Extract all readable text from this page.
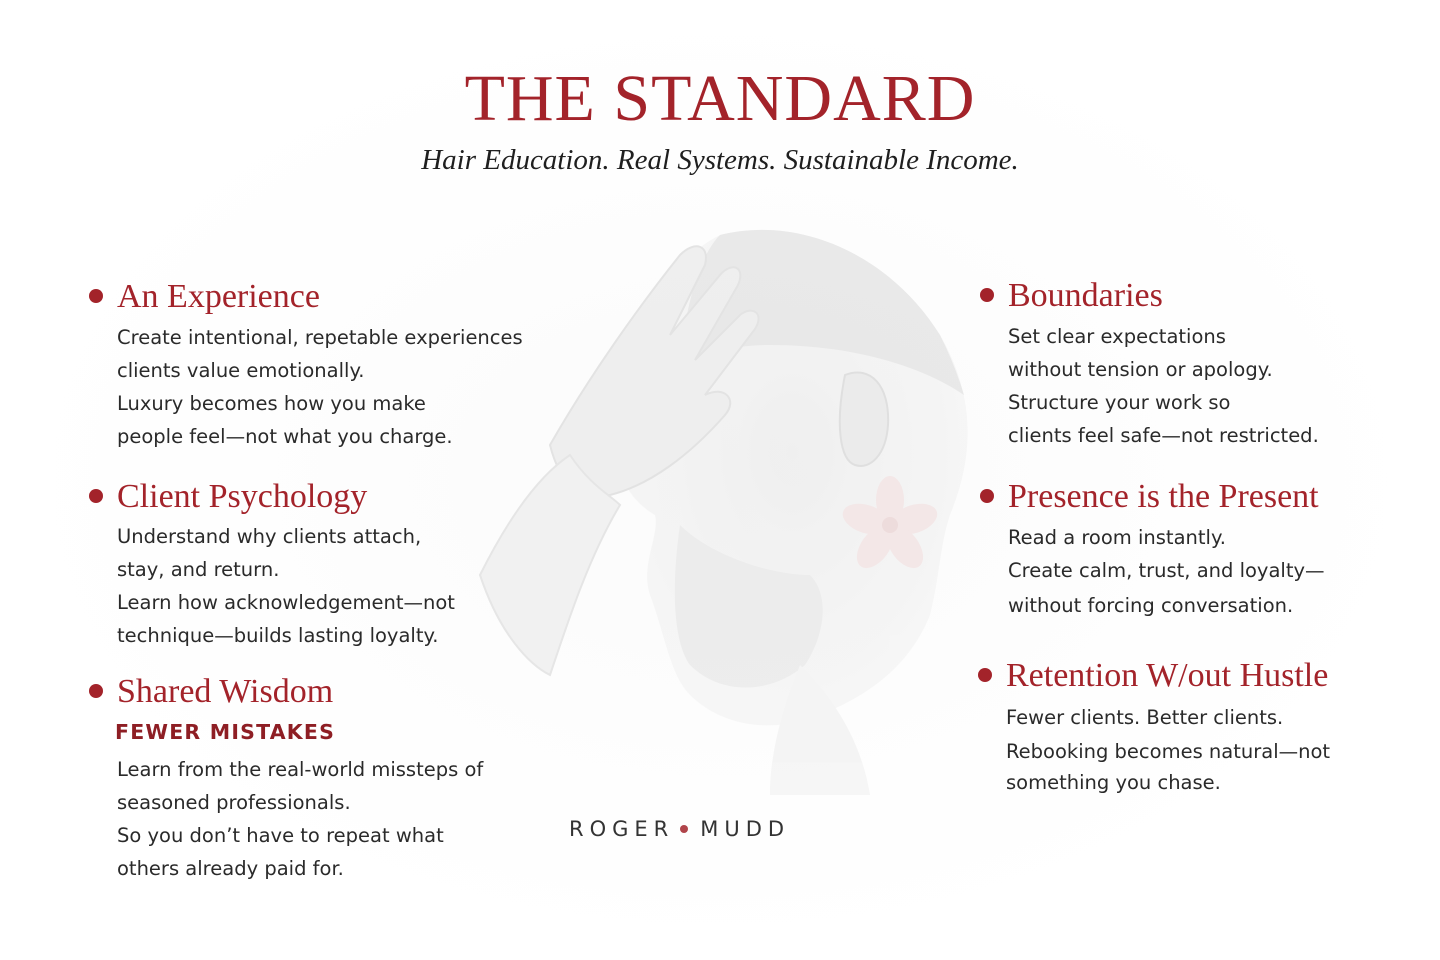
THE STANDARD
Hair Education. Real Systems. Sustainable Income.
An Experience
Create intentional, repetable experiences
clients value emotionally.
Luxury becomes how you make
people feel—not what you charge.
Client Psychology
Understand why clients attach,
stay, and return.
Learn how acknowledgement—not
technique—builds lasting loyalty.
Shared Wisdom
FEWER MISTAKES
Learn from the real-world missteps of
seasoned professionals.
So you don’t have to repeat what
others already paid for.
Boundaries
Set clear expectations
without tension or apology.
Structure your work so
clients feel safe—not restricted.
Presence is the Present
Read a room instantly.
Create calm, trust, and loyalty—
without forcing conversation.
Retention W/out Hustle
Fewer clients. Better clients.
Rebooking becomes natural—not
something you chase.
ROGER MUDD
